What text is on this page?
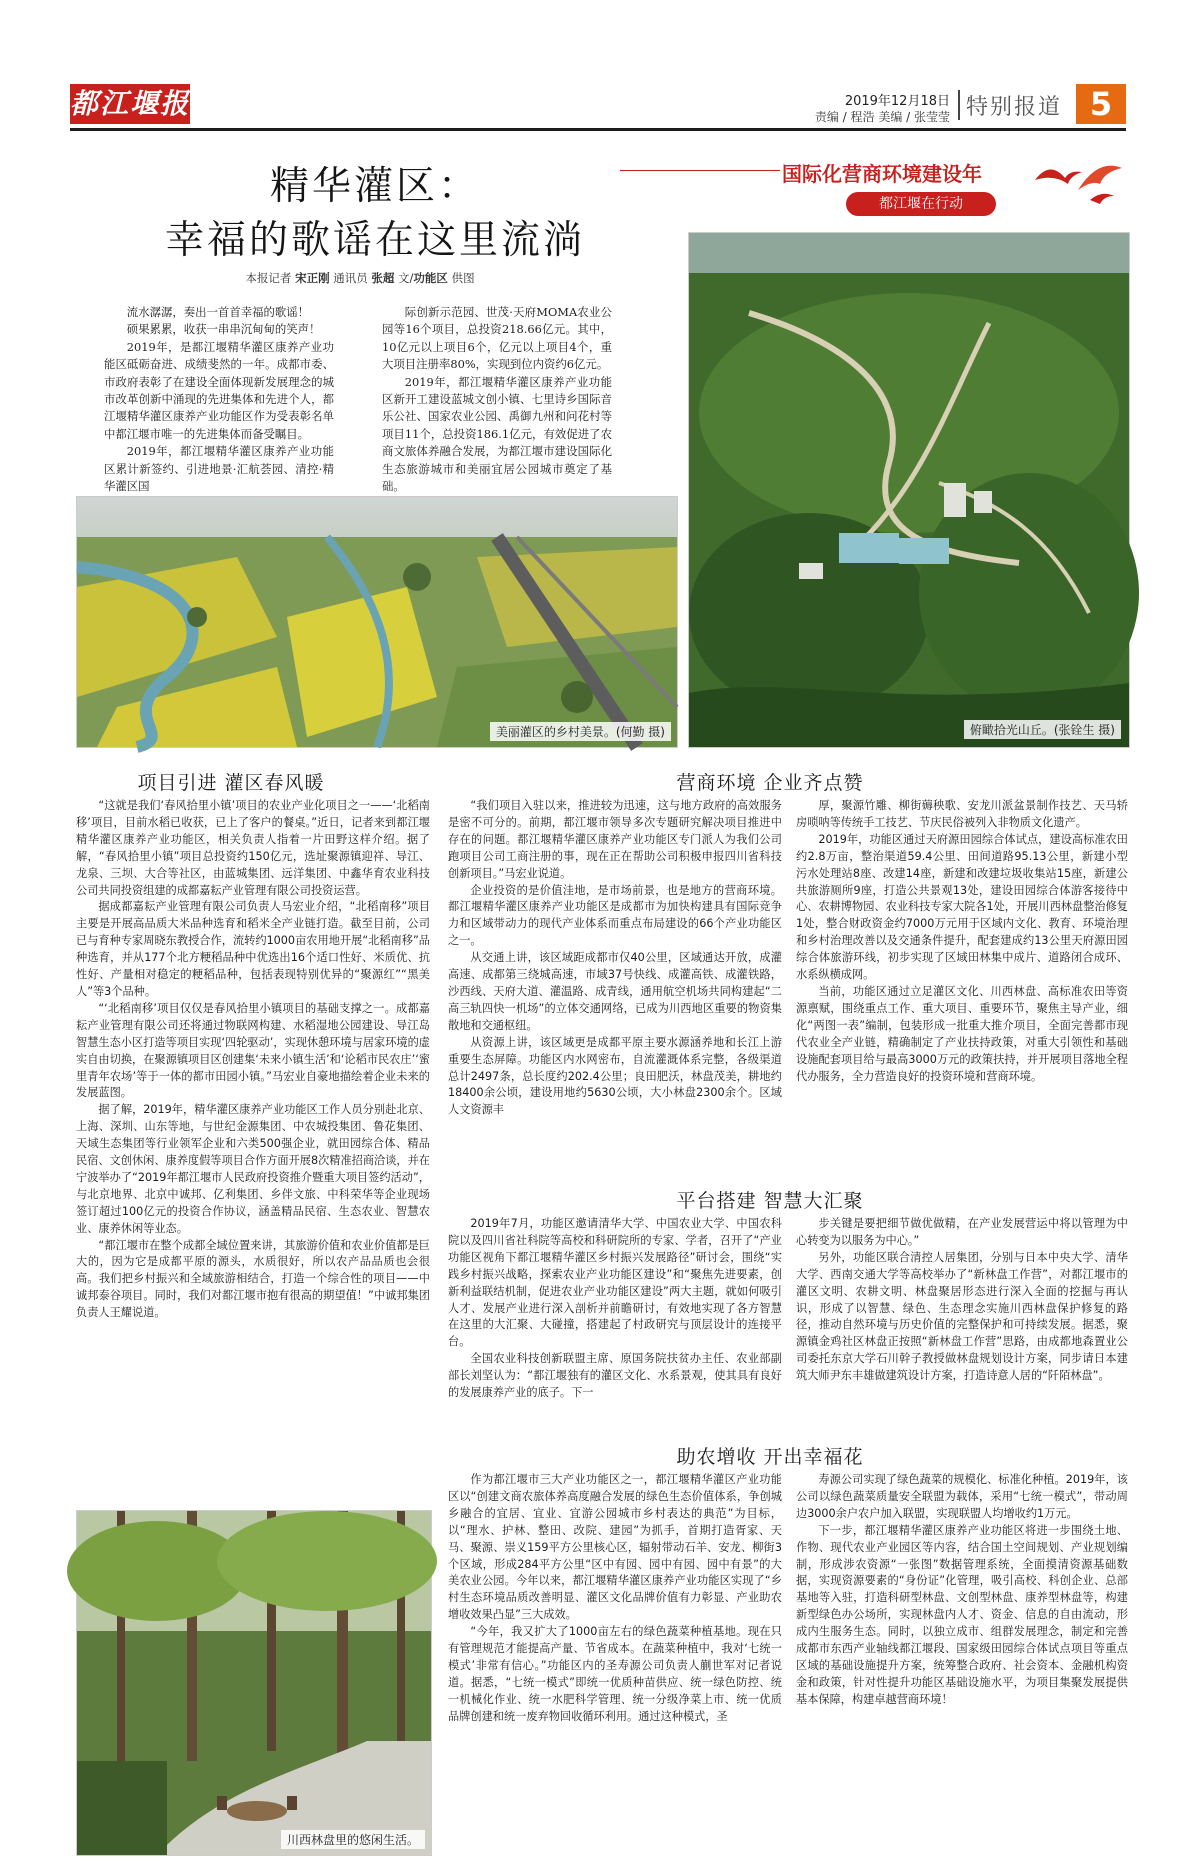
都江堰报	2019年12月18日
责编 / 程浩 美编 / 张莹莹 特别报道 5
精华灌区：
幸福的歌谣在这里流淌
本报记者 宋正刚 通讯员 张超 文/功能区 供图
国际化营商环境建设年
都江堰在行动

流水潺潺，奏出一首首幸福的歌谣！

硕果累累，收获一串串沉甸甸的笑声！

2019年，是都江堰精华灌区康养产业功能区砥砺奋进、成绩斐然的一年。成都市委、市政府表彰了在建设全面体现新发展理念的城市改革创新中涌现的先进集体和先进个人，都江堰精华灌区康养产业功能区作为受表彰名单中都江堰市唯一的先进集体而备受瞩目。

2019年，都江堰精华灌区康养产业功能区累计新签约、引进地景·汇航荟园、清控·精华灌区国

际创新示范园、世茂·天府MOMA农业公园等16个项目，总投资218.66亿元。其中，10亿元以上项目6个，亿元以上项目4个，重大项目注册率80%，实现到位内资约6亿元。

2019年，都江堰精华灌区康养产业功能区新开工建设蓝城文创小镇、七里诗乡国际音乐公社、国家农业公园、禹御九州和问花村等项目11个，总投资186.1亿元，有效促进了农商文旅体养融合发展，为都江堰市建设国际化生态旅游城市和美丽宜居公园城市奠定了基础。

美丽灌区的乡村美景。(何勤 摄)	俯瞰拾光山丘。(张铨生 摄)
项目引进 灌区春风暖

“这就是我们‘春风拾里小镇’项目的农业产业化项目之一——‘北稻南移’项目，目前水稻已收获，已上了客户的餐桌。”近日，记者来到都江堰精华灌区康养产业功能区，相关负责人指着一片田野这样介绍。据了解，“春风拾里小镇”项目总投资约150亿元，选址聚源镇迎祥、导江、龙泉、三坝、大合等社区，由蓝城集团、远洋集团、中鑫华育农业科技公司共同投资组建的成都嘉耘产业管理有限公司投资运营。

据成都嘉耘产业管理有限公司负责人马宏业介绍，“北稻南移”项目主要是开展高品质大米品种选育和稻米全产业链打造。截至目前，公司已与育种专家周晓东教授合作，流转约1000亩农用地开展“北稻南移”品种选育，并从177个北方粳稻品种中优选出16个适口性好、米质优、抗性好、产量相对稳定的粳稻品种，包括表现特别优异的“聚源红”“黑美人”等3个品种。

“‘北稻南移’项目仅仅是春风拾里小镇项目的基础支撑之一。成都嘉耘产业管理有限公司还将通过物联网构建、水稻湿地公园建设、导江岛智慧生态小区打造等项目实现‘四轮驱动’，实现休憩环境与居家环境的虚实自由切换，在聚源镇项目区创建集‘未来小镇生活’和‘论稻市民农庄’‘蜜里青年农场’等于一体的都市田园小镇。”马宏业自豪地描绘着企业未来的发展蓝图。

据了解，2019年，精华灌区康养产业功能区工作人员分别赴北京、上海、深圳、山东等地，与世纪金源集团、中农城投集团、鲁花集团、天域生态集团等行业领军企业和六类500强企业，就田园综合体、精品民宿、文创休闲、康养度假等项目合作方面开展8次精准招商洽谈，并在宁波举办了“2019年都江堰市人民政府投资推介暨重大项目签约活动”，与北京地界、北京中诚邦、亿利集团、乡伴文旅、中科荣华等企业现场签订超过100亿元的投资合作协议，涵盖精品民宿、生态农业、智慧农业、康养休闲等业态。

“都江堰市在整个成都全域位置来讲，其旅游价值和农业价值都是巨大的，因为它是成都平原的源头，水质很好，所以农产品品质也会很高。我们把乡村振兴和全域旅游相结合，打造一个综合性的项目——中诚邦泰谷项目。同时，我们对都江堰市抱有很高的期望值！”中诚邦集团负责人王耀说道。

营商环境 企业齐点赞

“我们项目入驻以来，推进较为迅速，这与地方政府的高效服务是密不可分的。前期，都江堰市领导多次专题研究解决项目推进中存在的问题。都江堰精华灌区康养产业功能区专门派人为我们公司跑项目公司工商注册的事，现在正在帮助公司积极申报四川省科技创新项目。”马宏业说道。

企业投资的是价值洼地，是市场前景，也是地方的营商环境。都江堰精华灌区康养产业功能区是成都市为加快构建具有国际竞争力和区域带动力的现代产业体系而重点布局建设的66个产业功能区之一。

从交通上讲，该区域距成都市仅40公里，区域通达开放，成灌高速、成都第三绕城高速，市域37号快线、成灌高铁、成灌铁路，沙西线、天府大道、灌温路、成青线，通用航空机场共同构建起“二高三轨四快一机场”的立体交通网络，已成为川西地区重要的物资集散地和交通枢纽。

从资源上讲，该区域更是成都平原主要水源涵养地和长江上游重要生态屏障。功能区内水网密布，自流灌溉体系完整，各级渠道总计2497条，总长度约202.4公里；良田肥沃，林盘茂美，耕地约18400余公顷，建设用地约5630公顷，大小林盘2300余个。区域人文资源丰

厚，聚源竹雕、柳街薅秧歌、安龙川派盆景制作技艺、天马轿房唢呐等传统手工技艺、节庆民俗被列入非物质文化遗产。

2019年，功能区通过天府源田园综合体试点，建设高标准农田约2.8万亩，整治渠道59.4公里、田间道路95.13公里，新建小型污水处理站8座、改建14座，新建和改建垃圾收集站15座，新建公共旅游厕所9座，打造公共景观13处，建设田园综合体游客接待中心、农耕博物园、农业科技专家大院各1处，开展川西林盘整治修复1处，整合财政资金约7000万元用于区域内文化、教育、环境治理和乡村治理改善以及交通条件提升，配套建成约13公里天府源田园综合体旅游环线，初步实现了区域田林集中成片、道路闭合成环、水系纵横成网。

当前，功能区通过立足灌区文化、川西林盘、高标准农田等资源禀赋，围绕重点工作、重大项目、重要环节，聚焦主导产业，细化“两图一表”编制，包装形成一批重大推介项目，全面完善都市现代农业全产业链，精确制定了产业扶持政策，对重大引领性和基础设施配套项目给与最高3000万元的政策扶持，并开展项目落地全程代办服务，全力营造良好的投资环境和营商环境。

平台搭建 智慧大汇聚

2019年7月，功能区邀请清华大学、中国农业大学、中国农科院以及四川省社科院等高校和科研院所的专家、学者，召开了“产业功能区视角下都江堰精华灌区乡村振兴发展路径”研讨会，围绕“实践乡村振兴战略，探索农业产业功能区建设”和“聚焦先进要素，创新利益联结机制，促进农业产业功能区建设”两大主题，就如何吸引人才、发展产业进行深入剖析并前瞻研讨，有效地实现了各方智慧在这里的大汇聚、大碰撞，搭建起了村政研究与顶层设计的连接平台。

全国农业科技创新联盟主席、原国务院扶贫办主任、农业部副部长刘坚认为：“都江堰独有的灌区文化、水系景观，使其具有良好的发展康养产业的底子。下一

步关键是要把细节做优做精，在产业发展营运中将以管理为中心转变为以服务为中心。”

另外，功能区联合清控人居集团，分别与日本中央大学、清华大学、西南交通大学等高校举办了“新林盘工作营”，对都江堰市的灌区文明、农耕文明、林盘聚居形态进行深入全面的挖掘与再认识，形成了以智慧、绿色、生态理念实施川西林盘保护修复的路径，推动自然环境与历史价值的完整保护和可持续发展。据悉，聚源镇金鸡社区林盘正按照“新林盘工作营”思路，由成都地森置业公司委托东京大学石川幹子教授做林盘规划设计方案，同步请日本建筑大师尹东丰雄做建筑设计方案，打造诗意人居的“阡陌林盘”。

助农增收 开出幸福花

作为都江堰市三大产业功能区之一，都江堰精华灌区产业功能区以“创建文商农旅体养高度融合发展的绿色生态价值体系，争创城乡融合的宜居、宜业、宜游公园城市乡村表达的典范”为目标，以“理水、护林、整田、改院、建园”为抓手，首期打造胥家、天马、聚源、崇义159平方公里核心区，辐射带动石羊、安龙、柳街3个区域，形成284平方公里“区中有园、园中有园、园中有景”的大美农业公园。今年以来，都江堰精华灌区康养产业功能区实现了“乡村生态环境品质改善明显、灌区文化品牌价值有力彰显、产业助农增收效果凸显”三大成效。

“今年，我又扩大了1000亩左右的绿色蔬菜种植基地。现在只有管理规范才能提高产量、节省成本。在蔬菜种植中，我对‘七统一模式’非常有信心。”功能区内的圣寿源公司负责人蒯世军对记者说道。据悉，“七统一模式”即统一优质种苗供应、统一绿色防控、统一机械化作业、统一水肥科学管理、统一分级净菜上市、统一优质品牌创建和统一废弃物回收循环利用。通过这种模式，圣

寿源公司实现了绿色蔬菜的规模化、标准化种植。2019年，该公司以绿色蔬菜质量安全联盟为载体，采用“七统一模式”，带动周边3000余户农户加入联盟，实现联盟人均增收约1万元。

下一步，都江堰精华灌区康养产业功能区将进一步围绕土地、作物、现代农业产业园区等内容，结合国土空间规划、产业规划编制，形成涉农资源“一张图”数据管理系统，全面摸清资源基础数据，实现资源要素的“身份证”化管理，吸引高校、科创企业、总部基地等入驻，打造科研型林盘、文创型林盘、康养型林盘等，构建新型绿色办公场所，实现林盘内人才、资金、信息的自由流动，形成内生服务生态。同时，以独立成市、组群发展理念，制定和完善成都市东西产业轴线都江堰段、国家级田园综合体试点项目等重点区域的基础设施提升方案，统筹整合政府、社会资本、金融机构资金和政策，针对性提升功能区基础设施水平，为项目集聚发展提供基本保障，构建卓越营商环境！

川西林盘里的悠闲生活。
